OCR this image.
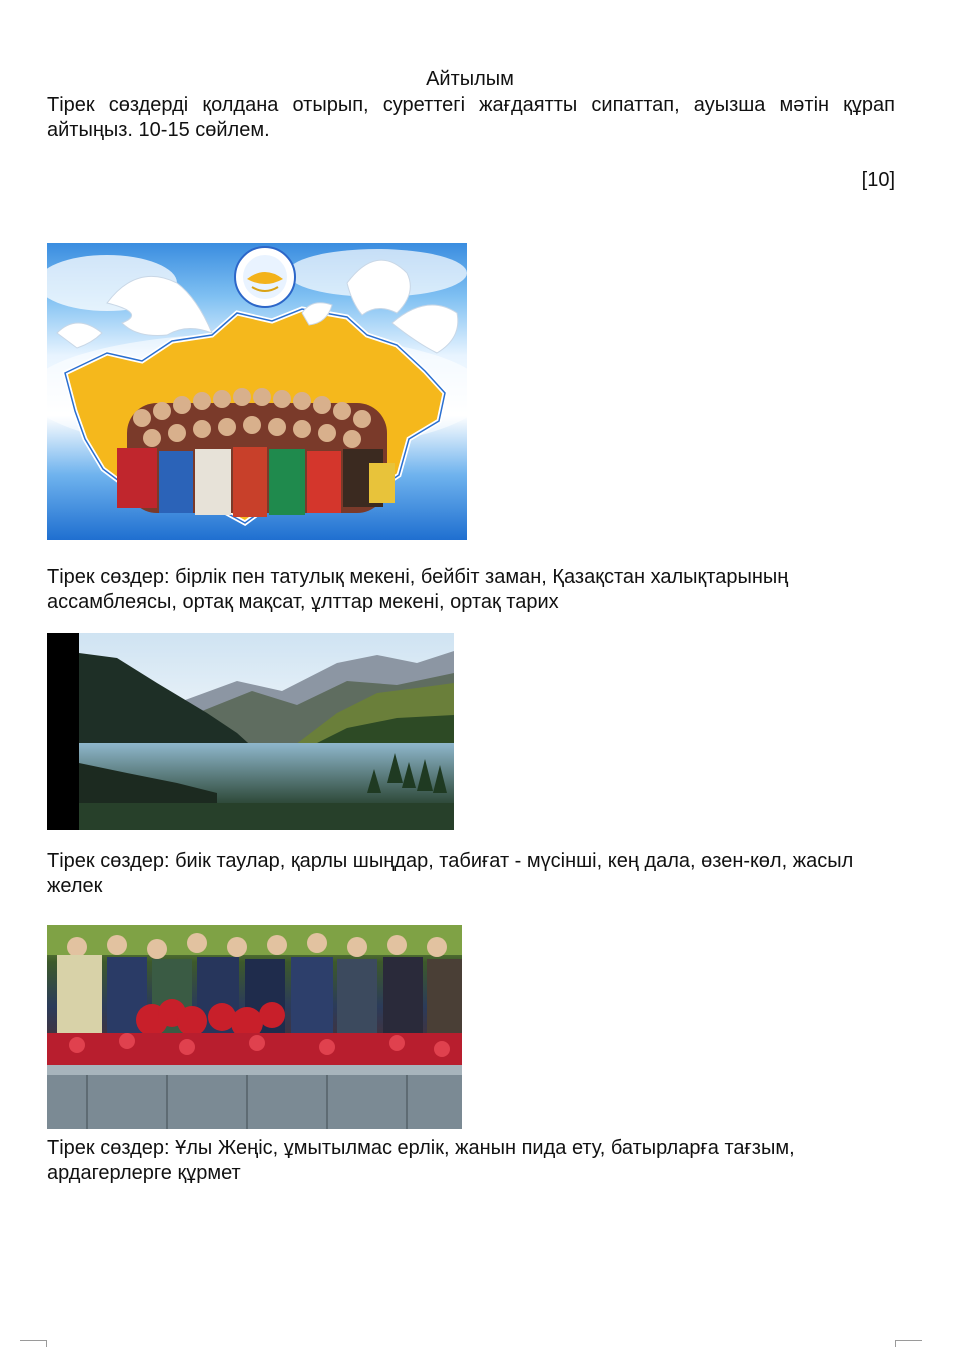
Айтылым
Тірек сөздерді қолдана отырып, суреттегі жағдаятты сипаттап, ауызша мәтін құрап айтыңыз. 10-15 сөйлем.
[10]
Тірек сөздер: бірлік пен татулық мекені, бейбіт заман, Қазақстан халықтарының ассамблеясы, ортақ мақсат, ұлттар мекені, ортақ тарих
Тірек сөздер: биік таулар, қарлы шыңдар, табиғат - мүсінші, кең дала, өзен-көл, жасыл желек
Тірек сөздер: Ұлы Жеңіс, ұмытылмас ерлік, жанын пида ету, батырларға тағзым, ардагерлерге құрмет
